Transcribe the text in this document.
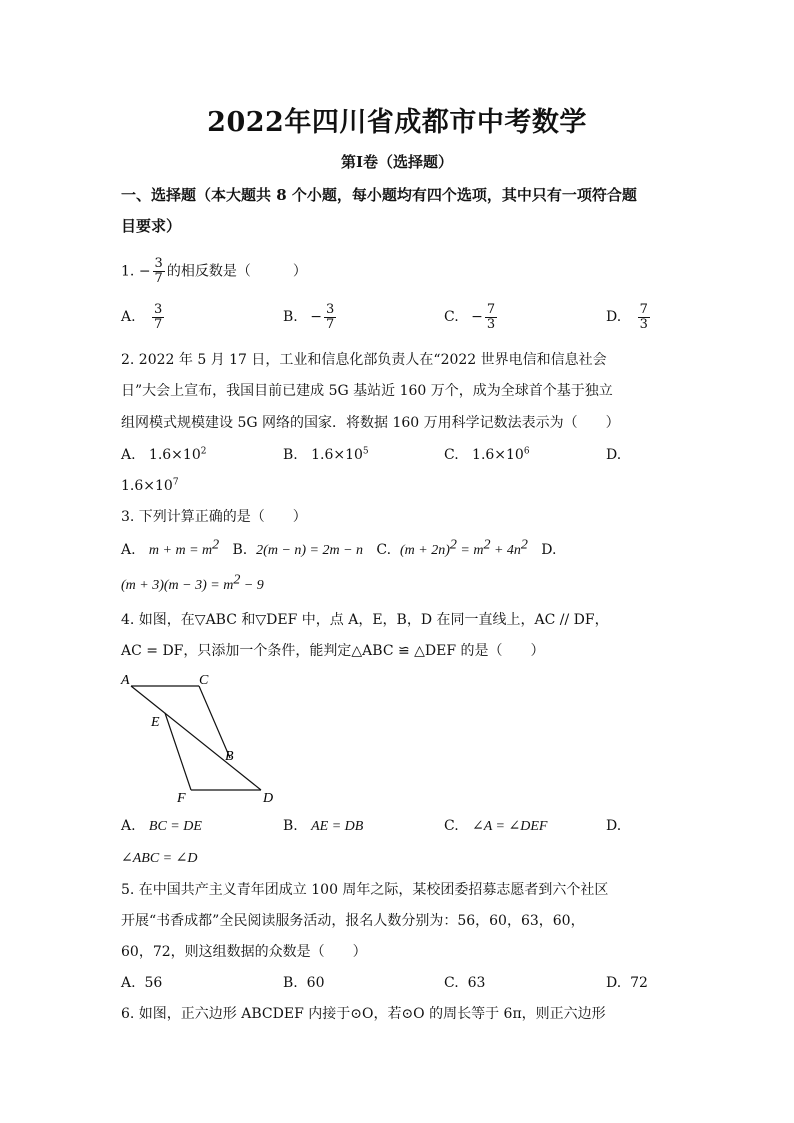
2022年四川省成都市中考数学
第Ⅰ卷（选择题）
一、选择题（本大题共 8 个小题，每小题均有四个选项，其中只有一项符合题
目要求）
1. − $\frac{3}{7}$ 的相反数是（　　　）
A. $\frac{3}{7}$	B. − $\frac{3}{7}$	C. − $\frac{7}{3}$	D. $\frac{7}{3}$
2. 2022 年 5 月 17 日，工业和信息化部负责人在“2022 世界电信和信息社会
日”大会上宣布，我国目前已建成 5G 基站近 160 万个，成为全球首个基于独立
组网模式规模建设 5G 网络的国家．将数据 160 万用科学记数法表示为（　　）
A. $1.6\times 10^2$	B. $1.6\times 10^5$	C. $1.6\times 10^6$	D.
$1.6\times 10^7$
3. 下列计算正确的是（　　）
A. $m + m = m^2$ B. 2(m − n) = 2m − n C. $(m + 2n)^2 = m^2 + 4n^2$ D.
$(m + 3)(m - 3) = m^2 - 9$
4. 如图，在▽ABC 和▽DEF 中，点 A，E，B，D 在同一直线上，AC // DF，
AC = DF，只添加一个条件，能判定△ABC ≌ △DEF 的是（　　）
A	C
E
B
F	D
A. BC = DE	B. AE = DB	C. ∠A = ∠DEF	D.
∠ABC = ∠D
5. 在中国共产主义青年团成立 100 周年之际，某校团委招募志愿者到六个社区
开展“书香成都”全民阅读服务活动，报名人数分别为：56，60，63，60，
60，72，则这组数据的众数是（　　）
A. 56	B. 60	C. 63	D. 72
6. 如图，正六边形 ABCDEF 内接于⊙O，若⊙O 的周长等于 6π，则正六边形
